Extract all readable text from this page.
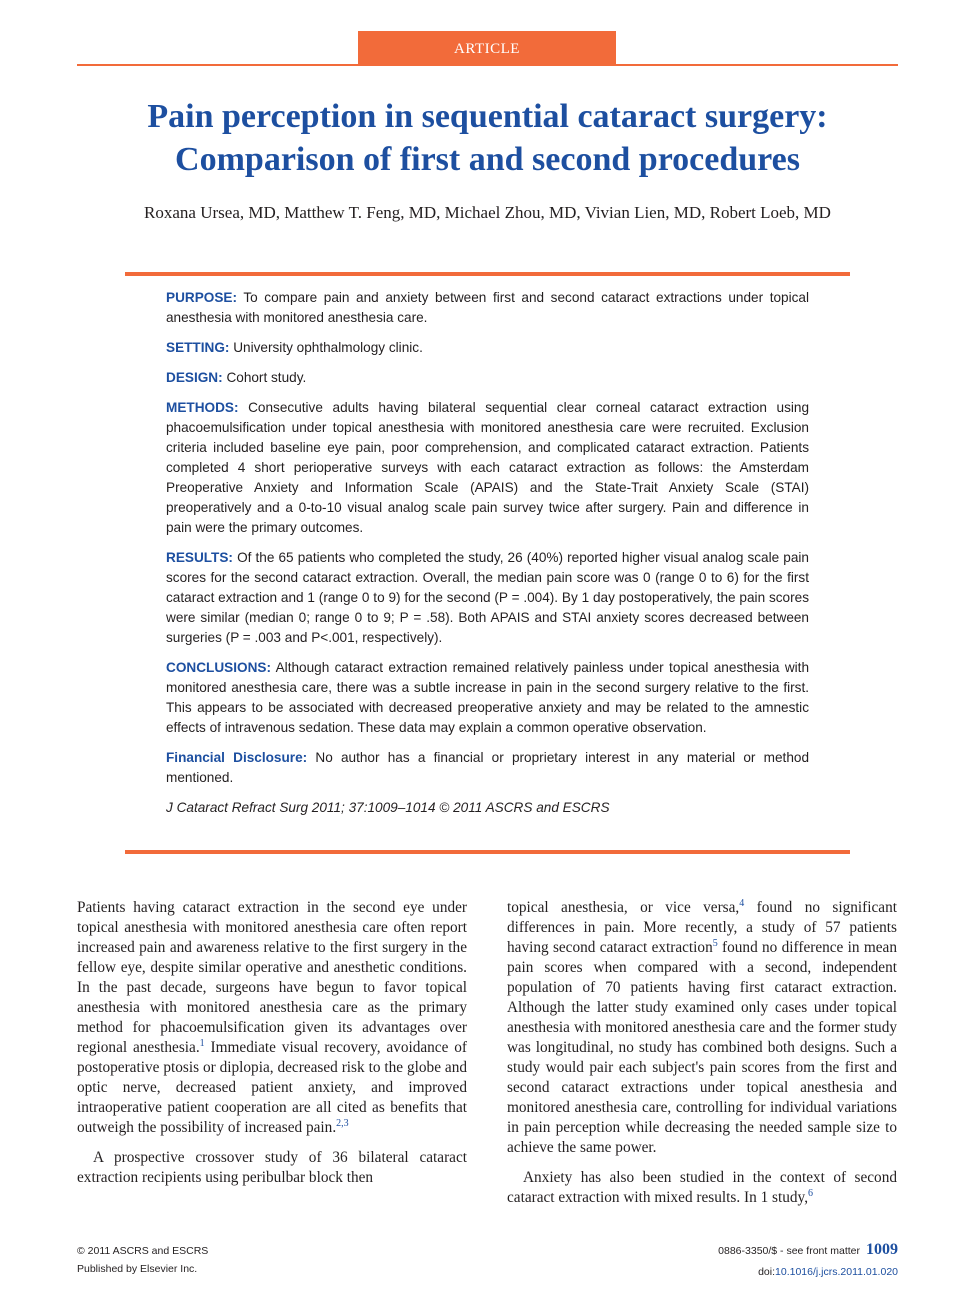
ARTICLE
Pain perception in sequential cataract surgery:
Comparison of first and second procedures
Roxana Ursea, MD, Matthew T. Feng, MD, Michael Zhou, MD, Vivian Lien, MD, Robert Loeb, MD

PURPOSE: To compare pain and anxiety between first and second cataract extractions under topical anesthesia with monitored anesthesia care.

SETTING: University ophthalmology clinic.

DESIGN: Cohort study.

METHODS: Consecutive adults having bilateral sequential clear corneal cataract extraction using phacoemulsification under topical anesthesia with monitored anesthesia care were recruited. Exclusion criteria included baseline eye pain, poor comprehension, and complicated cataract extraction. Patients completed 4 short perioperative surveys with each cataract extraction as follows: the Amsterdam Preoperative Anxiety and Information Scale (APAIS) and the State-Trait Anxiety Scale (STAI) preoperatively and a 0-to-10 visual analog scale pain survey twice after surgery. Pain and difference in pain were the primary outcomes.

RESULTS: Of the 65 patients who completed the study, 26 (40%) reported higher visual analog scale pain scores for the second cataract extraction. Overall, the median pain score was 0 (range 0 to 6) for the first cataract extraction and 1 (range 0 to 9) for the second (P = .004). By 1 day postoperatively, the pain scores were similar (median 0; range 0 to 9; P = .58). Both APAIS and STAI anxiety scores decreased between surgeries (P = .003 and P<.001, respectively).

CONCLUSIONS: Although cataract extraction remained relatively painless under topical anesthesia with monitored anesthesia care, there was a subtle increase in pain in the second surgery relative to the first. This appears to be associated with decreased preoperative anxiety and may be related to the amnestic effects of intravenous sedation. These data may explain a common operative observation.

Financial Disclosure: No author has a financial or proprietary interest in any material or method mentioned.

J Cataract Refract Surg 2011; 37:1009–1014 © 2011 ASCRS and ESCRS

Patients having cataract extraction in the second eye under topical anesthesia with monitored anesthesia care often report increased pain and awareness relative to the first surgery in the fellow eye, despite similar operative and anesthetic conditions. In the past decade, surgeons have begun to favor topical anesthesia with monitored anesthesia care as the primary method for phacoemulsification given its advantages over regional anesthesia.$^1$ Immediate visual recovery, avoidance of postoperative ptosis or diplopia, decreased risk to the globe and optic nerve, decreased patient anxiety, and improved intraoperative patient cooperation are all cited as benefits that outweigh the possibility of increased pain.$^{2,3}$

A prospective crossover study of 36 bilateral cataract extraction recipients using peribulbar block then

topical anesthesia, or vice versa,$^4$ found no significant differences in pain. More recently, a study of 57 patients having second cataract extraction$^5$ found no difference in mean pain scores when compared with a second, independent population of 70 patients having first cataract extraction. Although the latter study examined only cases under topical anesthesia with monitored anesthesia care and the former study was longitudinal, no study has combined both designs. Such a study would pair each subject's pain scores from the first and second cataract extractions under topical anesthesia and monitored anesthesia care, controlling for individual variations in pain perception while decreasing the needed sample size to achieve the same power.

Anxiety has also been studied in the context of second cataract extraction with mixed results. In 1 study,$^6$

© 2011 ASCRS and ESCRS
Published by Elsevier Inc.
0886-3350/$ - see front matter 1009
doi:10.1016/j.jcrs.2011.01.020
